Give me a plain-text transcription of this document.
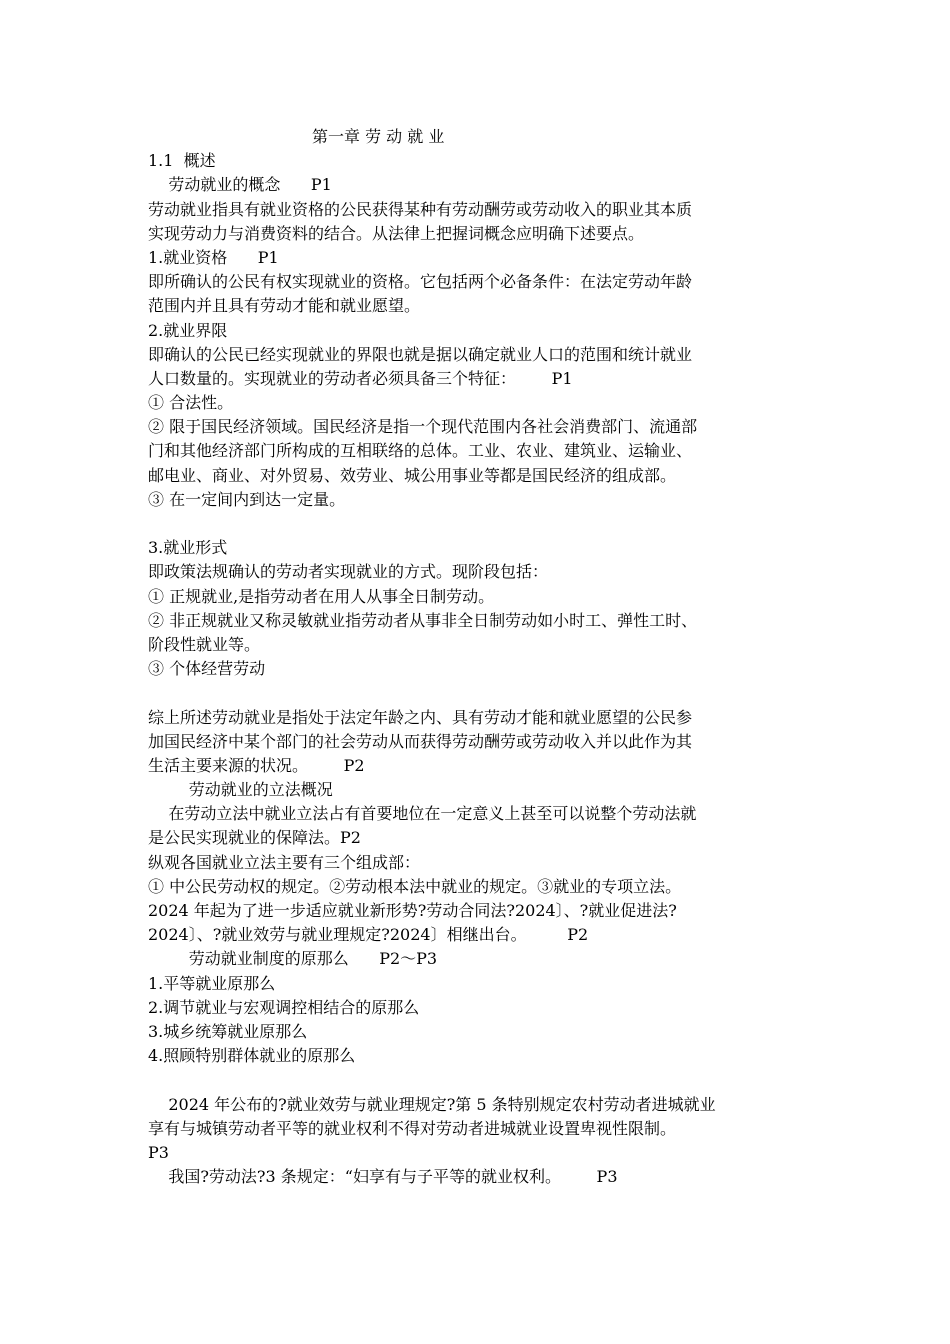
第一章 劳 动 就 业
1.1  概述
劳动就业的概念      P1
劳动就业指具有就业资格的公民获得某种有劳动酬劳或劳动收入的职业其本质
实现劳动力与消费资料的结合。从法律上把握词概念应明确下述要点。
1.就业资格      P1
即所确认的公民有权实现就业的资格。它包括两个必备条件：在法定劳动年龄
范围内并且具有劳动才能和就业愿望。
2.就业界限
即确认的公民已经实现就业的界限也就是据以确定就业人口的范围和统计就业
人口数量的。实现就业的劳动者必须具备三个特征：       P1
① 合法性。
② 限于国民经济领域。国民经济是指一个现代范围内各社会消费部门、流通部
门和其他经济部门所构成的互相联络的总体。工业、农业、建筑业、运输业、
邮电业、商业、对外贸易、效劳业、城公用事业等都是国民经济的组成部。
③ 在一定间内到达一定量。
3.就业形式
即政策法规确认的劳动者实现就业的方式。现阶段包括：
① 正规就业,是指劳动者在用人从事全日制劳动。
② 非正规就业又称灵敏就业指劳动者从事非全日制劳动如小时工、弹性工时、
阶段性就业等。
③ 个体经营劳动
综上所述劳动就业是指处于法定年龄之内、具有劳动才能和就业愿望的公民参
加国民经济中某个部门的社会劳动从而获得劳动酬劳或劳动收入并以此作为其
生活主要来源的状况。       P2
劳动就业的立法概况
在劳动立法中就业立法占有首要地位在一定意义上甚至可以说整个劳动法就
是公民实现就业的保障法。P2
纵观各国就业立法主要有三个组成部：
① 中公民劳动权的规定。②劳动根本法中就业的规定。③就业的专项立法。
2024 年起为了进一步适应就业新形势?劳动合同法?2024〕、?就业促进法?
2024〕、?就业效劳与就业理规定?2024〕相继出台。        P2
劳动就业制度的原那么      P2～P3
1.平等就业原那么
2.调节就业与宏观调控相结合的原那么
3.城乡统筹就业原那么
4.照顾特别群体就业的原那么
2024 年公布的?就业效劳与就业理规定?第 5 条特别规定农村劳动者进城就业
享有与城镇劳动者平等的就业权利不得对劳动者进城就业设置卑视性限制。
P3
我国?劳动法?3 条规定：“妇享有与子平等的就业权利。       P3
